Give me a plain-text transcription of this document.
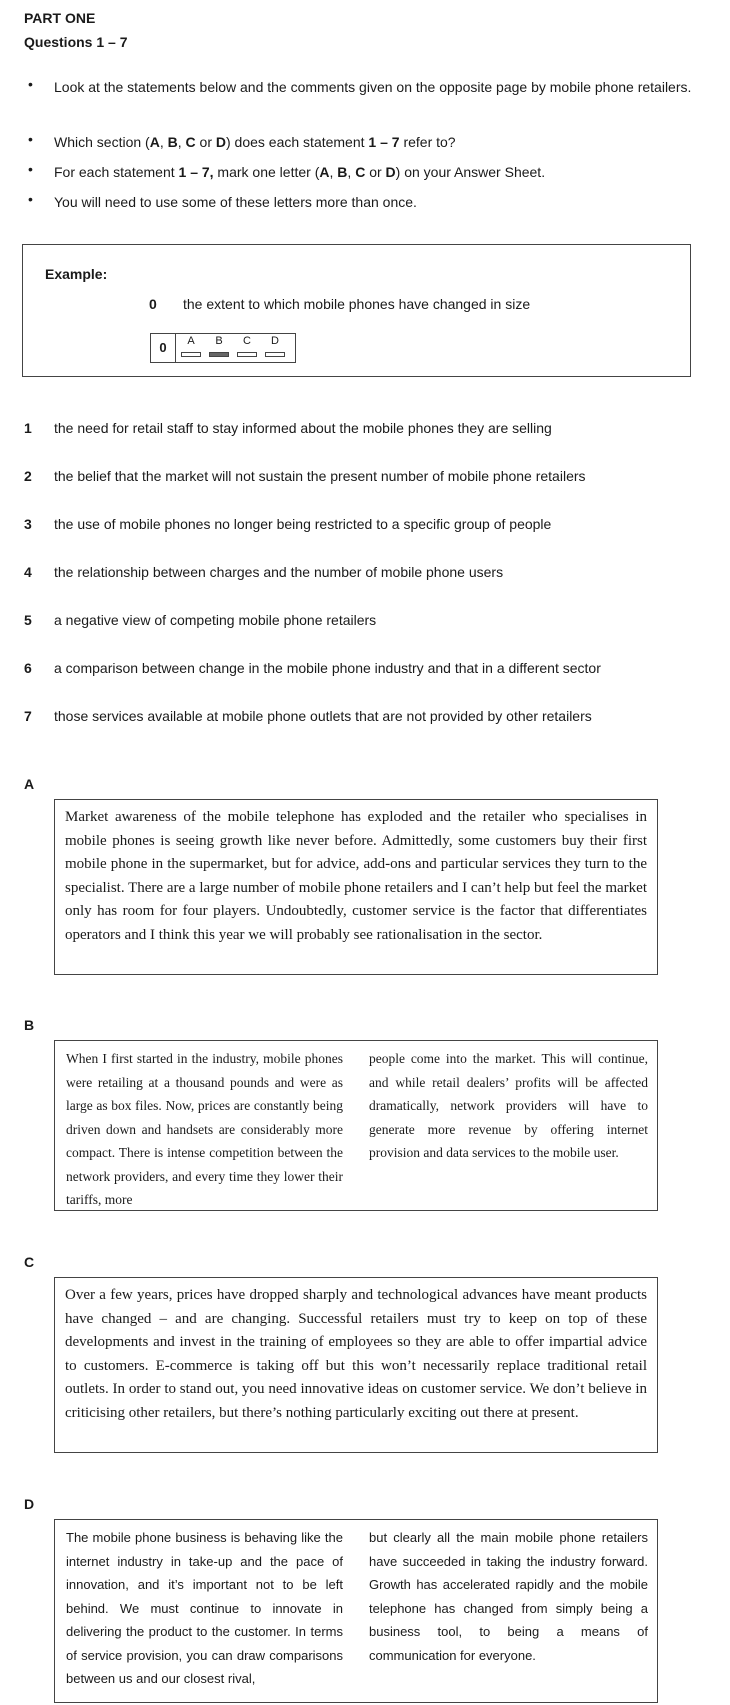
PART ONE
Questions 1 – 7
• Look at the statements below and the comments given on the opposite page by mobile phone retailers.
• Which section (A, B, C or D) does each statement 1 – 7 refer to?
• For each statement 1 – 7, mark one letter (A, B, C or D) on your Answer Sheet.
• You will need to use some of these letters more than once.
Example:
0 the extent to which mobile phones have changed in size
0	A	B	C	D
1 the need for retail staff to stay informed about the mobile phones they are selling
2 the belief that the market will not sustain the present number of mobile phone retailers
3 the use of mobile phones no longer being restricted to a specific group of people
4 the relationship between charges and the number of mobile phone users
5 a negative view of competing mobile phone retailers
6 a comparison between change in the mobile phone industry and that in a different sector
7 those services available at mobile phone outlets that are not provided by other retailers
A
Market awareness of the mobile telephone has exploded and the retailer who specialises in mobile phones is seeing growth like never before. Admittedly, some customers buy their first mobile phone in the supermarket, but for advice, add-ons and particular services they turn to the specialist. There are a large number of mobile phone retailers and I can’t help but feel the market only has room for four players. Undoubtedly, customer service is the factor that differentiates operators and I think this year we will probably see rationalisation in the sector.
B
When I first started in the industry, mobile phones were retailing at a thousand pounds and were as large as box files. Now, prices are constantly being driven down and handsets are considerably more compact. There is intense competition between the network providers, and every time they lower their tariffs, more
people come into the market. This will continue, and while retail dealers’ profits will be affected dramatically, network providers will have to generate more revenue by offering internet provision and data services to the mobile user.
C
Over a few years, prices have dropped sharply and technological advances have meant products have changed – and are changing. Successful retailers must try to keep on top of these developments and invest in the training of employees so they are able to offer impartial advice to customers. E-commerce is taking off but this won’t necessarily replace traditional retail outlets. In order to stand out, you need innovative ideas on customer service. We don’t believe in criticising other retailers, but there’s nothing particularly exciting out there at present.
D
The mobile phone business is behaving like the internet industry in take-up and the pace of innovation, and it’s important not to be left behind. We must continue to innovate in delivering the product to the customer. In terms of service provision, you can draw comparisons between us and our closest rival,
but clearly all the main mobile phone retailers have succeeded in taking the industry forward. Growth has accelerated rapidly and the mobile telephone has changed from simply being a business tool, to being a means of communication for everyone.
